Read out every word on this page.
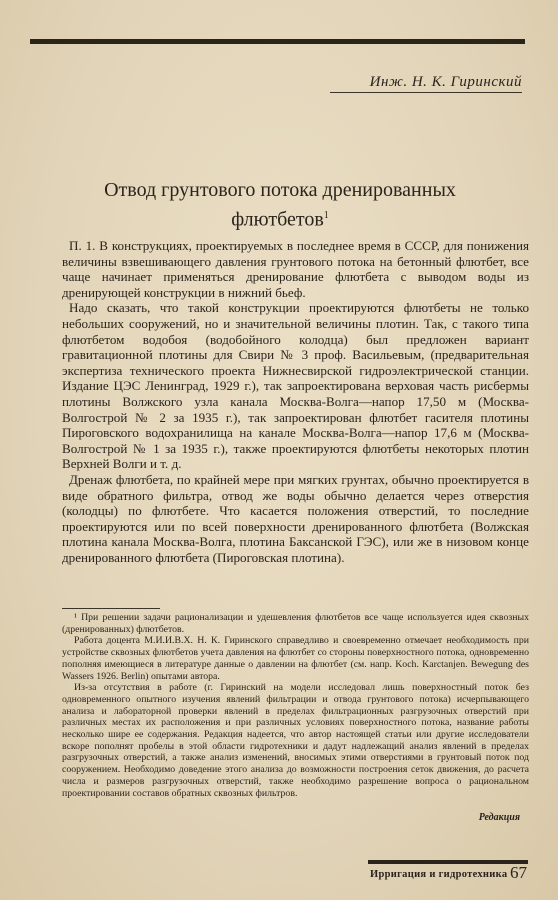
Инж. Н. К. Гиринский
Отвод грунтового потока дренированных
флютбетов$^1$

П. 1. В конструкциях, проектируемых в последнее время в СССР, для понижения величины взвешивающего давления грунтового потока на бетонный флютбет, все чаще начинает применяться дренирование флютбета с выводом воды из дренирующей конструкции в нижний бьеф.

Надо сказать, что такой конструкции проектируются флютбеты не только небольших сооружений, но и значительной величины плотин. Так, с такого типа флютбетом водобоя (водобойного колодца) был предложен вариант гравитационной плотины для Свири № 3 проф. Васильевым, (предварительная экспертиза технического проекта Нижнесвирской гидроэлектрической станции. Издание ЦЭС Ленинград, 1929 г.), так запроектирована верховая часть рисбермы плотины Волжского узла канала Москва-Волга—напор 17,50 м (Москва-Волгострой № 2 за 1935 г.), так запроектирован флютбет гасителя плотины Пироговского водохранилища на канале Москва-Волга—напор 17,6 м (Москва-Волгострой № 1 за 1935 г.), также проектируются флютбеты некоторых плотин Верхней Волги и т. д.

Дренаж флютбета, по крайней мере при мягких грунтах, обычно проектируется в виде обратного фильтра, отвод же воды обычно делается через отверстия (колодцы) по флютбете. Что касается положения отверстий, то последние проектируются или по всей поверхности дренированного флютбета (Волжская плотина канала Москва-Волга, плотина Баксанской ГЭС), или же в низовом конце дренированного флютбета (Пироговская плотина).

¹ При решении задачи рационализации и удешевления флютбетов все чаще используется идея сквозных (дренированных) флютбетов.

Работа доцента М.И.И.В.Х. Н. К. Гиринского справедливо и своевременно отмечает необходимость при устройстве сквозных флютбетов учета давления на флютбет со стороны поверхностного потока, одновременно пополняя имеющиеся в литературе данные о давлении на флютбет (см. напр. Koch. Karctanjen. Bewegung des Wassers 1926. Berlin) опытами автора.

Из-за отсутствия в работе (г. Гиринский на модели исследовал лишь поверхностный поток без одновременного опытного изучения явлений фильтрации и отвода грунтового потока) исчерпывающего анализа и лабораторной проверки явлений в пределах фильтрационных разгрузочных отверстий при различных местах их расположения и при различных условиях поверхностного потока, название работы несколько шире ее содержания. Редакция надеется, что автор настоящей статьи или другие исследователи вскоре пополнят пробелы в этой области гидротехники и дадут надлежащий анализ явлений в пределах разгрузочных отверстий, а также анализ изменений, вносимых этими отверстиями в грунтовый поток под сооружением. Необходимо доведение этого анализа до возможности построения сеток движения, до расчета числа и размеров разгрузочных отверстий, также необходимо разрешение вопроса о рациональном проектировании составов обратных сквозных фильтров.

Редакция
Ирригация и гидротехника 67
